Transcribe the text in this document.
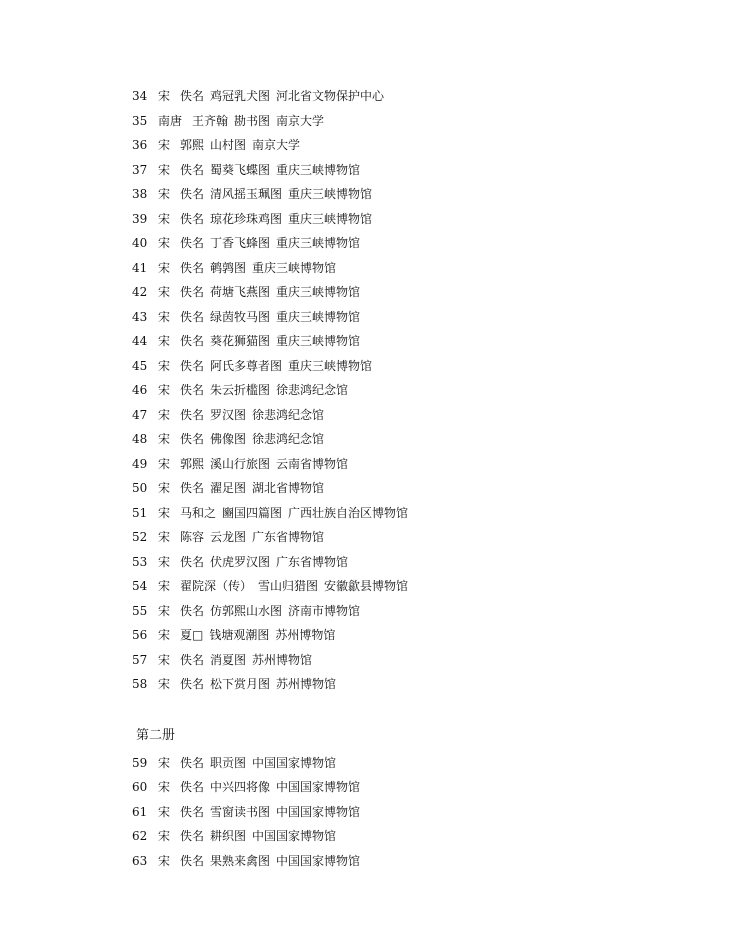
34 宋 佚名 鸡冠乳犬图 河北省文物保护中心
35 南唐 王齐翰 勘书图 南京大学
36 宋 郭熙 山村图 南京大学
37 宋 佚名 蜀葵飞蝶图 重庆三峡博物馆
38 宋 佚名 清风摇玉珮图 重庆三峡博物馆
39 宋 佚名 琼花珍珠鸡图 重庆三峡博物馆
40 宋 佚名 丁香飞蜂图 重庆三峡博物馆
41 宋 佚名 鹌鹑图 重庆三峡博物馆
42 宋 佚名 荷塘飞燕图 重庆三峡博物馆
43 宋 佚名 绿茵牧马图 重庆三峡博物馆
44 宋 佚名 葵花狮猫图 重庆三峡博物馆
45 宋 佚名 阿氏多尊者图 重庆三峡博物馆
46 宋 佚名 朱云折槛图 徐悲鸿纪念馆
47 宋 佚名 罗汉图 徐悲鸿纪念馆
48 宋 佚名 佛像图 徐悲鸿纪念馆
49 宋 郭熙 溪山行旅图 云南省博物馆
50 宋 佚名 濯足图 湖北省博物馆
51 宋 马和之 豳国四篇图 广西壮族自治区博物馆
52 宋 陈容 云龙图 广东省博物馆
53 宋 佚名 伏虎罗汉图 广东省博物馆
54 宋 翟院深（传） 雪山归猎图 安徽歙县博物馆
55 宋 佚名 仿郭熙山水图 济南市博物馆
56 宋 夏□ 钱塘观潮图 苏州博物馆
57 宋 佚名 消夏图 苏州博物馆
58 宋 佚名 松下赏月图 苏州博物馆
第二册
59 宋 佚名 职贡图 中国国家博物馆
60 宋 佚名 中兴四将像 中国国家博物馆
61 宋 佚名 雪窗读书图 中国国家博物馆
62 宋 佚名 耕织图 中国国家博物馆
63 宋 佚名 果熟来禽图 中国国家博物馆
